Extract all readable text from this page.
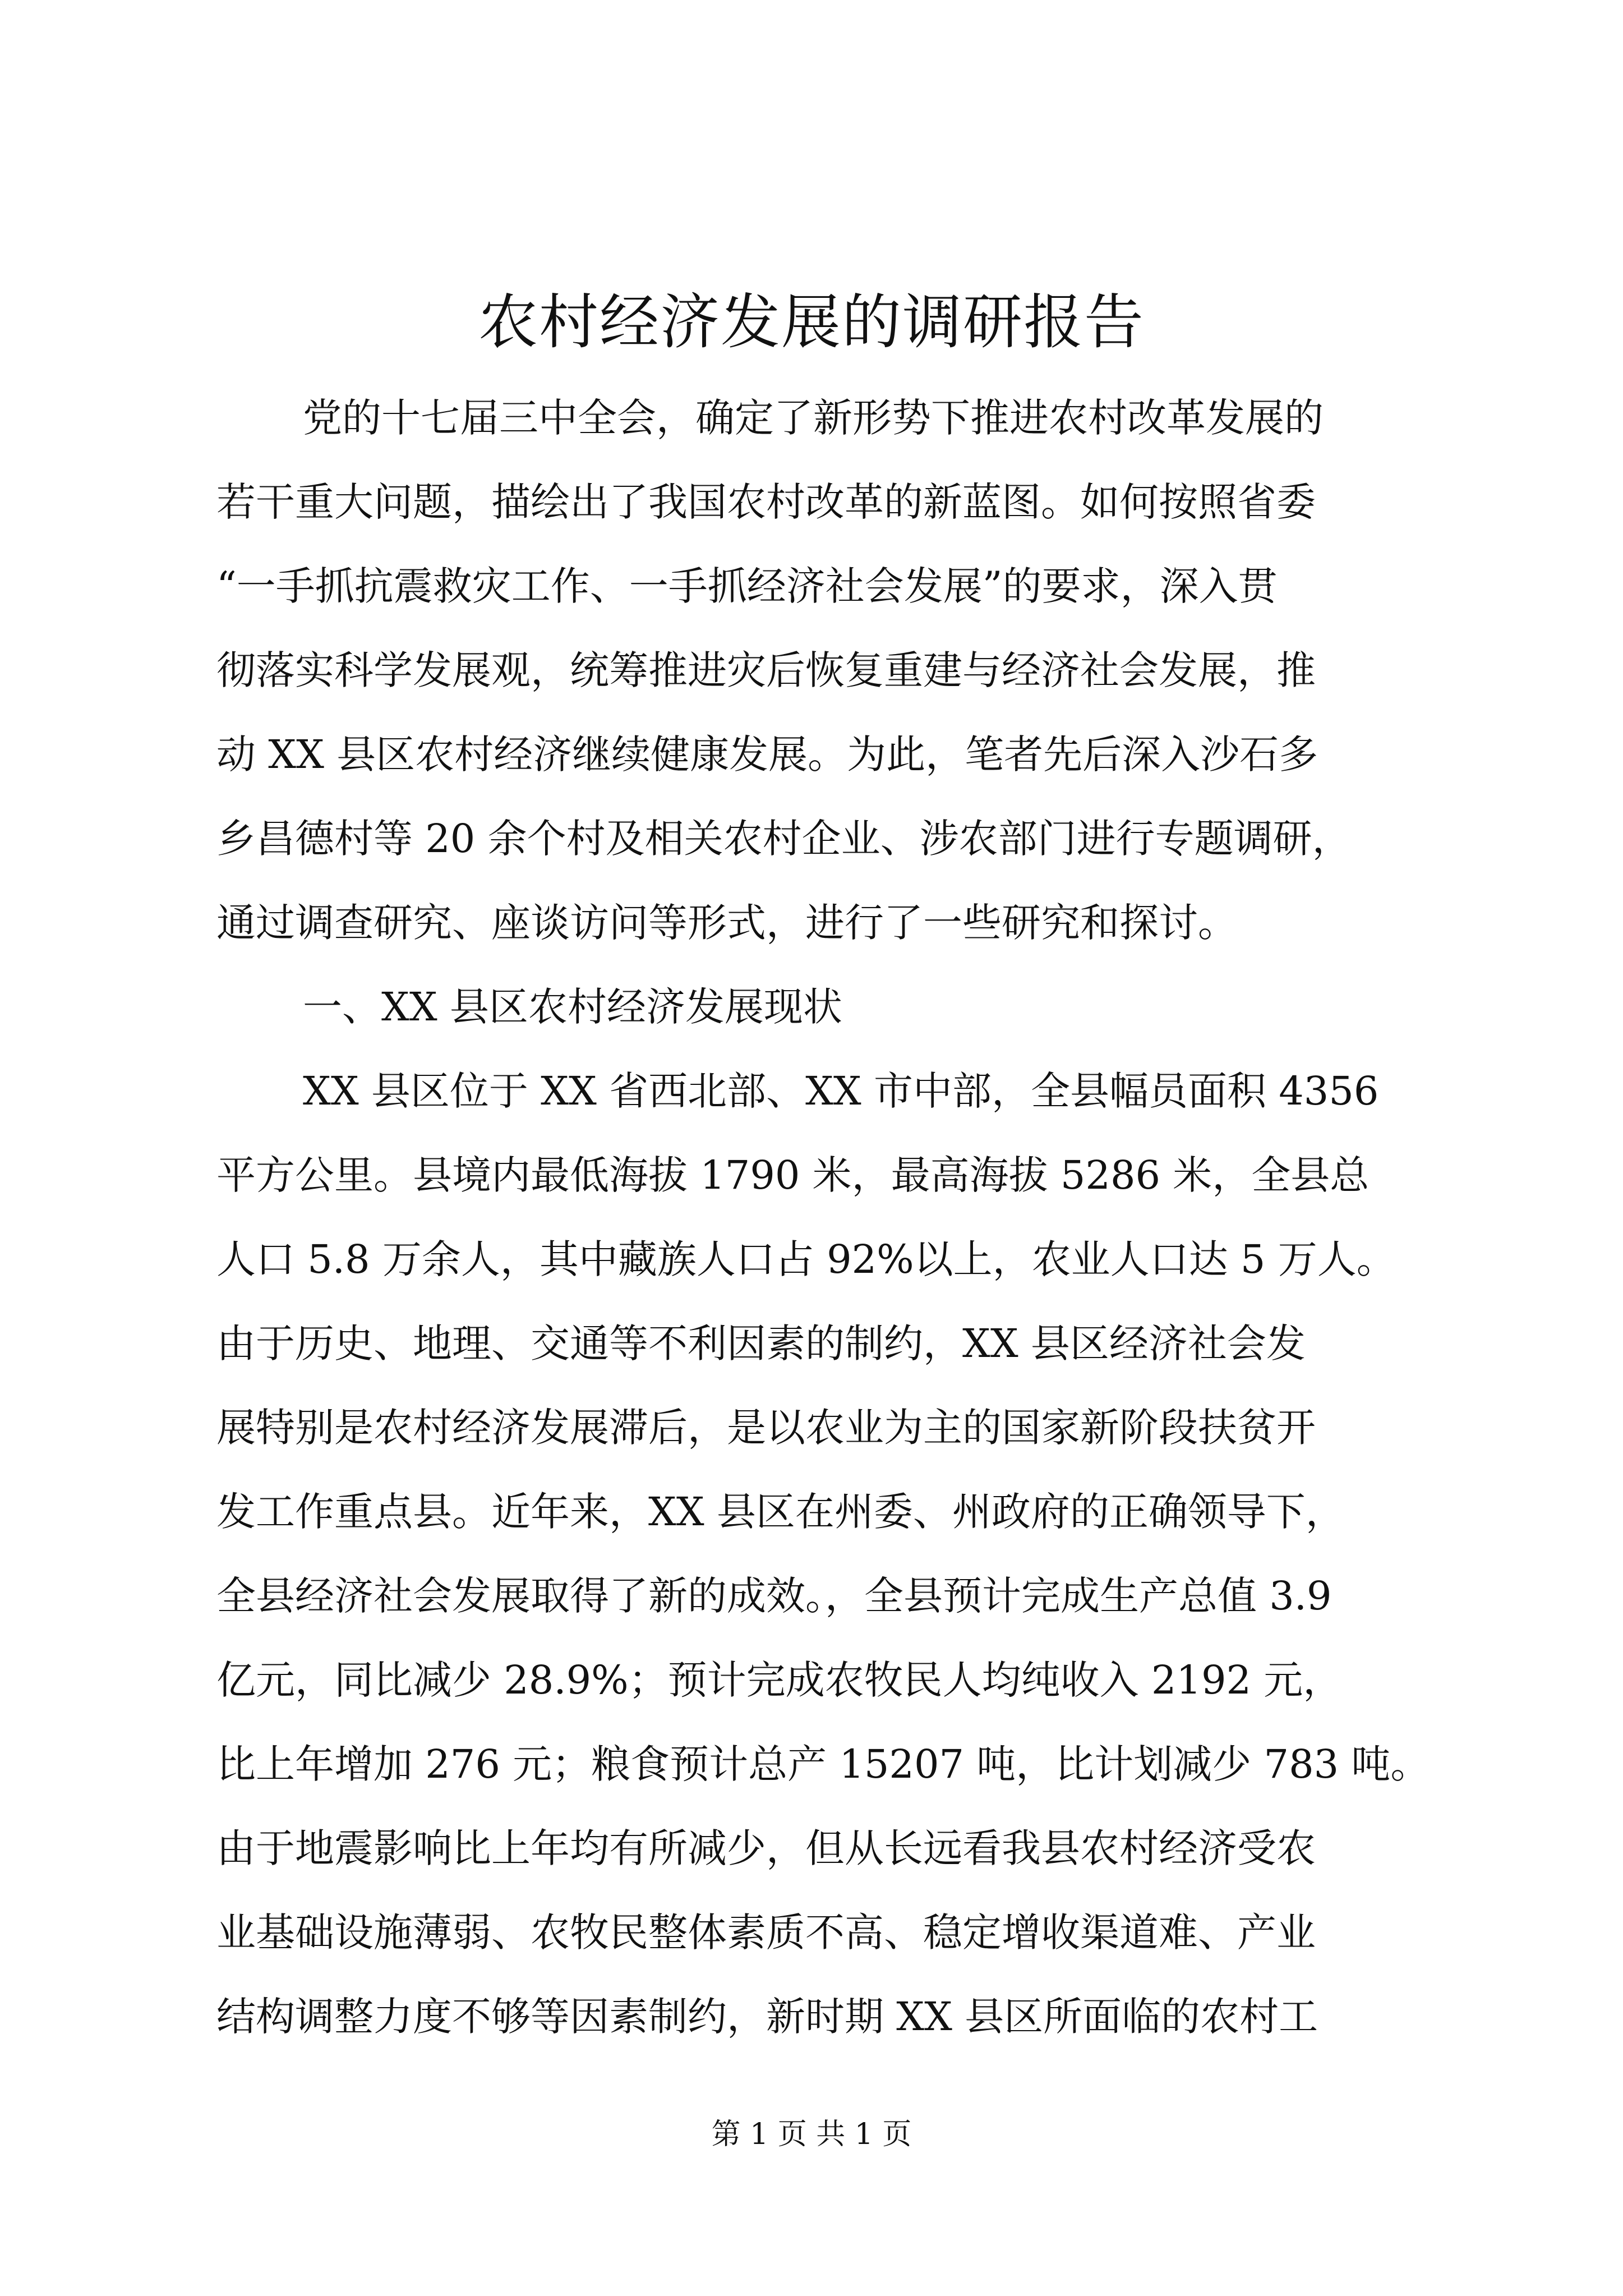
农村经济发展的调研报告

党的十七届三中全会，确定了新形势下推进农村改革发展的

若干重大问题，描绘出了我国农村改革的新蓝图。如何按照省委

“一手抓抗震救灾工作、一手抓经济社会发展”的要求，深入贯

彻落实科学发展观，统筹推进灾后恢复重建与经济社会发展，推

动 XX 县区农村经济继续健康发展。为此，笔者先后深入沙石多

乡昌德村等 20 余个村及相关农村企业、涉农部门进行专题调研，

通过调查研究、座谈访问等形式，进行了一些研究和探讨。

一、XX 县区农村经济发展现状

XX 县区位于 XX 省西北部、XX 市中部，全县幅员面积 4356

平方公里。县境内最低海拔 1790 米，最高海拔 5286 米，全县总

人口 5.8 万余人，其中藏族人口占 92%以上，农业人口达 5 万人。

由于历史、地理、交通等不利因素的制约，XX 县区经济社会发

展特别是农村经济发展滞后，是以农业为主的国家新阶段扶贫开

发工作重点县。近年来，XX 县区在州委、州政府的正确领导下，

全县经济社会发展取得了新的成效。，全县预计完成生产总值 3.9

亿元，同比减少 28.9%；预计完成农牧民人均纯收入 2192 元，

比上年增加 276 元；粮食预计总产 15207 吨，比计划减少 783 吨。

由于地震影响比上年均有所减少，但从长远看我县农村经济受农

业基础设施薄弱、农牧民整体素质不高、稳定增收渠道难、产业

结构调整力度不够等因素制约，新时期 XX 县区所面临的农村工

第 1 页 共 1 页
